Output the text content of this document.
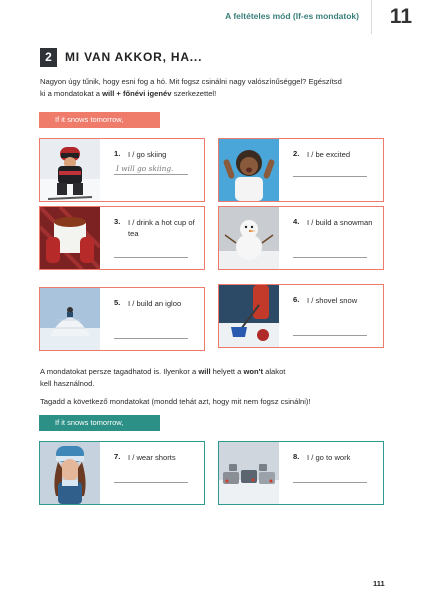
A feltételes mód (If-es mondatok) 11
2	MI VAN AKKOR, HA...
Nagyon úgy tűnik, hogy esni fog a hó. Mit fogsz csinálni nagy valószínűséggel? Egészítsd
ki a mondatokat a will + főnévi igenév szerkezettel!
If it snows tomorrow,
1. I / go skiing
I will go skiing.
2. I / be excited
3. I / drink a hot cup of tea
4. I / build a snowman
5. I / build an igloo	6. I / shovel snow
A mondatokat persze tagadhatod is. Ilyenkor a will helyett a won't alakot
kell használnod.
Tagadd a következő mondatokat (mondd tehát azt, hogy mit nem fogsz csinálni)!
If it snows tomorrow,
7. I / wear shorts	8. I / go to work
111
